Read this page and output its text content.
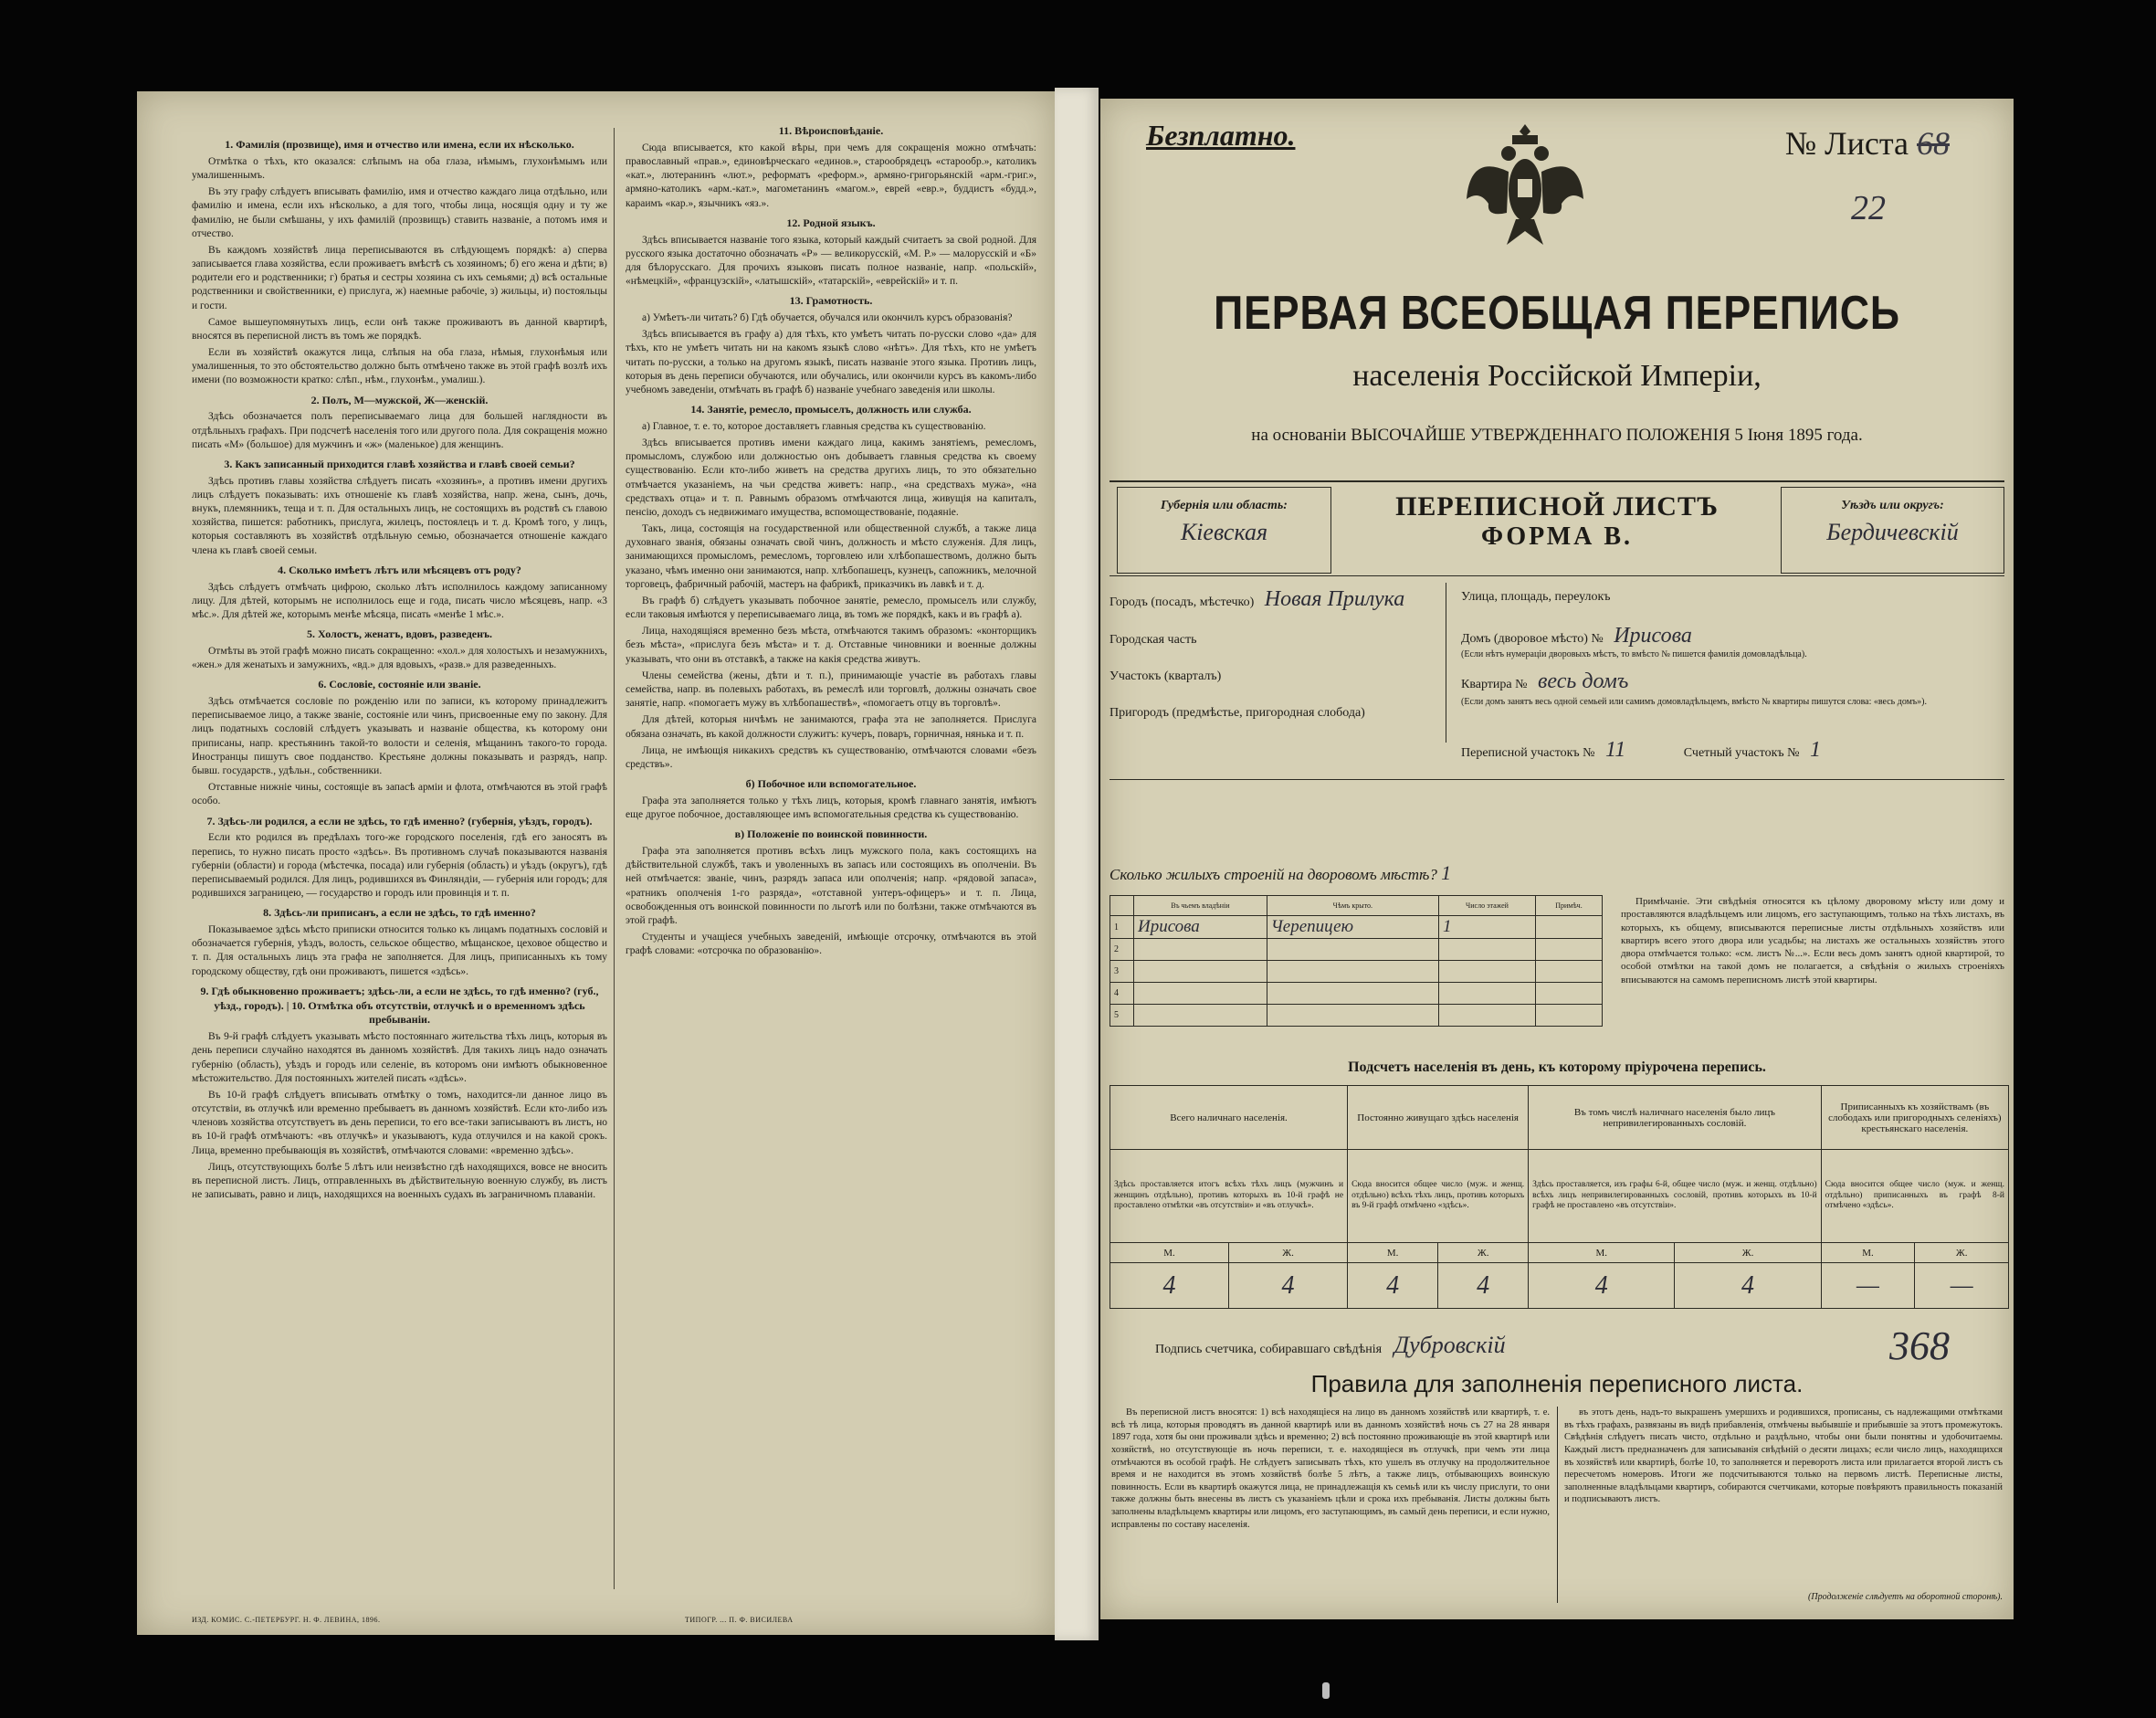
1. Фамилія (прозвище), имя и отчество или имена, если их нѣсколько.
Отмѣтка о тѣхъ, кто оказался: слѣпымъ на оба глаза, нѣмымъ, глухонѣмымъ или умалишеннымъ.
Въ эту графу слѣдуетъ вписывать фамилію, имя и отчество каждаго лица отдѣльно, или фамилію и имена, если ихъ нѣсколько, а для того, чтобы лица, носящія одну и ту же фамилію, не были смѣшаны, у ихъ фамилій (прозвищъ) ставить названіе, а потомъ имя и отчество.
Въ каждомъ хозяйствѣ лица переписываются въ слѣдующемъ порядкѣ: а) сперва записывается глава хозяйства, если проживаетъ вмѣстѣ съ хозяиномъ; б) его жена и дѣти; в) родители его и родственники; г) братья и сестры хозяина съ ихъ семьями; д) всѣ остальные родственники и свойственники, е) прислуга, ж) наемные рабочіе, з) жильцы, и) постояльцы и гости.
Самое вышеупомянутыхъ лицъ, если онѣ также проживаютъ въ данной квартирѣ, вносятся въ переписной листъ въ томъ же порядкѣ.
Если въ хозяйствѣ окажутся лица, слѣпыя на оба глаза, нѣмыя, глухонѣмыя или умалишенныя, то это обстоятельство должно быть отмѣчено также въ этой графѣ возлѣ ихъ имени (по возможности кратко: слѣп., нѣм., глухонѣм., умалиш.).
2. Полъ, М—мужской, Ж—женскій.
Здѣсь обозначается полъ переписываемаго лица для большей наглядности въ отдѣльныхъ графахъ. При подсчетѣ населенія того или другого пола. Для сокращенія можно писать «М» (большое) для мужчинъ и «ж» (маленькое) для женщинъ.
3. Какъ записанный приходится главѣ хозяйства и главѣ своей семьи?
Здѣсь противъ главы хозяйства слѣдуетъ писать «хозяинъ», а противъ имени другихъ лицъ слѣдуетъ показывать: ихъ отношеніе къ главѣ хозяйства, напр. жена, сынъ, дочь, внукъ, племянникъ, теща и т. п. Для остальныхъ лицъ, не состоящихъ въ родствѣ съ главою хозяйства, пишется: работникъ, прислуга, жилецъ, постоялецъ и т. д. Кромѣ того, у лицъ, которыя составляютъ въ хозяйствѣ отдѣльную семью, обозначается отношеніе каждаго члена къ главѣ своей семьи.
4. Сколько имѣетъ лѣтъ или мѣсяцевъ отъ роду?
Здѣсь слѣдуетъ отмѣчать цифрою, сколько лѣтъ исполнилось каждому записанному лицу. Для дѣтей, которымъ не исполнилось еще и года, писать число мѣсяцевъ, напр. «3 мѣс.». Для дѣтей же, которымъ менѣе мѣсяца, писать «менѣе 1 мѣс.».
5. Холостъ, женатъ, вдовъ, разведенъ.
Отмѣты въ этой графѣ можно писать сокращенно: «хол.» для холостыхъ и незамужнихъ, «жен.» для женатыхъ и замужнихъ, «вд.» для вдовыхъ, «разв.» для разведенныхъ.
6. Сословіе, состояніе или званіе.
Здѣсь отмѣчается сословіе по рожденію или по записи, къ которому принадлежитъ переписываемое лицо, а также званіе, состояніе или чинъ, присвоенные ему по закону. Для лицъ податныхъ сословій слѣдуетъ указывать и названіе общества, къ которому они приписаны, напр. крестьянинъ такой-то волости и селенія, мѣщанинъ такого-то города. Иностранцы пишутъ свое подданство. Крестьяне должны показывать и разрядъ, напр. бывш. государств., удѣльн., собственники.
Отставные нижніе чины, состоящіе въ запасѣ арміи и флота, отмѣчаются въ этой графѣ особо.
7. Здѣсь-ли родился, а если не здѣсь, то гдѣ именно? (губернія, уѣздъ, городъ).
Если кто родился въ предѣлахъ того-же городского поселенія, гдѣ его заносятъ въ перепись, то нужно писать просто «здѣсь». Въ противномъ случаѣ показываются названія губерніи (области) и города (мѣстечка, посада) или губернія (область) и уѣздъ (округъ), гдѣ переписываемый родился. Для лицъ, родившихся въ Финляндіи, — губернія или городъ; для родившихся заграницею, — государство и городъ или провинція и т. п.
8. Здѣсь-ли приписанъ, а если не здѣсь, то гдѣ именно?
Показываемое здѣсь мѣсто приписки относится только къ лицамъ податныхъ сословій и обозначается губернія, уѣздъ, волость, сельское общество, мѣщанское, цеховое общество и т. п. Для остальныхъ лицъ эта графа не заполняется. Для лицъ, приписанныхъ къ тому городскому обществу, гдѣ они проживаютъ, пишется «здѣсь».
9. Гдѣ обыкновенно проживаетъ; здѣсь-ли, а если не здѣсь, то гдѣ именно? (губ., уѣзд., городъ). | 10. Отмѣтка объ отсутствіи, отлучкѣ и о временномъ здѣсь пребываніи.
Въ 9-й графѣ слѣдуетъ указывать мѣсто постояннаго жительства тѣхъ лицъ, которыя въ день переписи случайно находятся въ данномъ хозяйствѣ. Для такихъ лицъ надо означать губернію (область), уѣздъ и городъ или селеніе, въ которомъ они имѣютъ обыкновенное мѣстожительство. Для постоянныхъ жителей писать «здѣсь».
Въ 10-й графѣ слѣдуетъ вписывать отмѣтку о томъ, находится-ли данное лицо въ отсутствіи, въ отлучкѣ или временно пребываетъ въ данномъ хозяйствѣ. Если кто-либо изъ членовъ хозяйства отсутствуетъ въ день переписи, то его все-таки записываютъ въ листъ, но въ 10-й графѣ отмѣчаютъ: «въ отлучкѣ» и указываютъ, куда отлучился и на какой срокъ. Лица, временно пребывающія въ хозяйствѣ, отмѣчаются словами: «временно здѣсь».
Лицъ, отсутствующихъ болѣе 5 лѣтъ или неизвѣстно гдѣ находящихся, вовсе не вносить въ переписной листъ. Лицъ, отправленныхъ въ дѣйствительную военную службу, въ листъ не записывать, равно и лицъ, находящихся на военныхъ судахъ въ заграничномъ плаваніи.
11. Вѣроисповѣданіе.
Сюда вписывается, кто какой вѣры, при чемъ для сокращенія можно отмѣчать: православный «прав.», единовѣрческаго «единов.», старообрядецъ «старообр.», католикъ «кат.», лютеранинъ «лют.», реформатъ «реформ.», армяно-григорьянскій «арм.-григ.», армяно-католикъ «арм.-кат.», магометанинъ «магом.», еврей «евр.», буддистъ «будд.», караимъ «кар.», язычникъ «яз.».
12. Родной языкъ.
Здѣсь вписывается названіе того языка, который каждый считаетъ за свой родной. Для русского языка достаточно обозначать «Р» — великорусскій, «М. Р.» — малорусскій и «Б» для бѣлорусскаго. Для прочихъ языковъ писать полное названіе, напр. «польскій», «нѣмецкій», «французскій», «латышскій», «татарскій», «еврейскій» и т. п.
13. Грамотность.
а) Умѣетъ-ли читать? б) Гдѣ обучается, обучался или окончилъ курсъ образованія?
Здѣсь вписывается въ графу а) для тѣхъ, кто умѣетъ читать по-русски слово «да» для тѣхъ, кто не умѣетъ читать ни на какомъ языкѣ слово «нѣтъ». Для тѣхъ, кто не умѣетъ читать по-русски, а только на другомъ языкѣ, писать названіе этого языка. Противъ лицъ, которыя въ день переписи обучаются, или обучались, или окончили курсъ въ какомъ-либо учебномъ заведеніи, отмѣчать въ графѣ б) названіе учебнаго заведенія или школы.
14. Занятіе, ремесло, промыселъ, должность или служба.
а) Главное, т. е. то, которое доставляетъ главныя средства къ существованію.
Здѣсь вписывается противъ имени каждаго лица, какимъ занятіемъ, ремесломъ, промысломъ, службою или должностью онъ добываетъ главныя средства къ своему существованію. Если кто-либо живетъ на средства другихъ лицъ, то это обязательно отмѣчается указаніемъ, на чьи средства живетъ: напр., «на средствахъ мужа», «на средствахъ отца» и т. п. Равнымъ образомъ отмѣчаются лица, живущія на капиталъ, пенсію, доходъ съ недвижимаго имущества, вспомоществованіе, подаяніе.
Такъ, лица, состоящія на государственной или общественной службѣ, а также лица духовнаго званія, обязаны означать свой чинъ, должность и мѣсто служенія. Для лицъ, занимающихся промысломъ, ремесломъ, торговлею или хлѣбопашествомъ, должно быть указано, чѣмъ именно они занимаются, напр. хлѣбопашецъ, кузнецъ, сапожникъ, мелочной торговецъ, фабричный рабочій, мастеръ на фабрикѣ, приказчикъ въ лавкѣ и т. д.
Въ графѣ б) слѣдуетъ указывать побочное занятіе, ремесло, промыселъ или службу, если таковыя имѣются у переписываемаго лица, въ томъ же порядкѣ, какъ и въ графѣ а).
Лица, находящіяся временно безъ мѣста, отмѣчаются такимъ образомъ: «конторщикъ безъ мѣста», «прислуга безъ мѣста» и т. д. Отставные чиновники и военные должны указывать, что они въ отставкѣ, а также на какія средства живутъ.
Члены семейства (жены, дѣти и т. п.), принимающіе участіе въ работахъ главы семейства, напр. въ полевыхъ работахъ, въ ремеслѣ или торговлѣ, должны означать свое занятіе, напр. «помогаетъ мужу въ хлѣбопашествѣ», «помогаетъ отцу въ торговлѣ».
Для дѣтей, которыя ничѣмъ не занимаются, графа эта не заполняется. Прислуга обязана означать, въ какой должности служитъ: кучеръ, поваръ, горничная, нянька и т. п.
Лица, не имѣющія никакихъ средствъ къ существованію, отмѣчаются словами «безъ средствъ».
б) Побочное или вспомогательное.
Графа эта заполняется только у тѣхъ лицъ, которыя, кромѣ главнаго занятія, имѣютъ еще другое побочное, доставляющее имъ вспомогательныя средства къ существованію.
в) Положеніе по воинской повинности.
Графа эта заполняется противъ всѣхъ лицъ мужского пола, какъ состоящихъ на дѣйствительной службѣ, такъ и уволенныхъ въ запасъ или состоящихъ въ ополченіи. Въ ней отмѣчается: званіе, чинъ, разрядъ запаса или ополченія; напр. «рядовой запаса», «ратникъ ополченія 1-го разряда», «отставной унтеръ-офицеръ» и т. п. Лица, освобожденныя отъ воинской повинности по льготѣ или по болѣзни, также отмѣчаются въ этой графѣ.
Студенты и учащіеся учебныхъ заведеній, имѣющіе отсрочку, отмѣчаются въ этой графѣ словами: «отсрочка по образованію».
ИЗД. КОМИС. С.-ПЕТЕРБУРГ. Н. Ф. ЛЕВИНА, 1896.	ТИПОГР. ... П. Ф. ВИСИЛЕВА
Безплатно.	№ Листа 68
22
ПЕРВАЯ ВСЕОБЩАЯ ПЕРЕПИСЬ
населенія Россійской Имперіи,
на основаніи ВЫСОЧАЙШЕ УТВЕРЖДЕННАГО ПОЛОЖЕНІЯ 5 Іюня 1895 года.
Губернія или область:
Кіевская
ПЕРЕПИСНОЙ ЛИСТЪ
ФОРМА В.
Уѣздъ или округъ:
Бердичевскій
Городъ (посадъ, мѣстечко) Новая Прилука
Городская часть
Участокъ (кварталъ)
Пригородъ (предмѣстье, пригородная слобода)
Улица, площадь, переулокъ
Домъ (дворовое мѣсто) № Ирисова
(Если нѣтъ нумераціи дворовыхъ мѣстъ, то вмѣсто № пишется фамилія домовладѣльца).
Квартира № весь домъ
(Если домъ занятъ весь одной семьей или самимъ домовладѣльцемъ, вмѣсто № квартиры пишутся слова: «весь домъ»).
Переписной участокъ № 11	Счетный участокъ № 1
Сколько жилыхъ строеній на дворовомъ мѣстѣ? 1
	Въ чьемъ владѣніи	Чѣмъ крыто.	Число этажей	Примѣч.
1	Ирисова	Черепицею	1	
2				
3				
4				
5				
Примѣчаніе. Эти свѣдѣнія относятся къ цѣлому дворовому мѣсту или дому и проставляются владѣльцемъ или лицомъ, его заступающимъ, только на тѣхъ листахъ, въ которыхъ, къ общему, вписываются переписные листы отдѣльныхъ хозяйствъ или квартиръ всего этого двора или усадьбы; на листахъ же остальныхъ хозяйствъ этого двора отмѣчается только: «см. листъ №...». Если весь домъ занятъ одной квартирой, то особой отмѣтки на такой домъ не полагается, а свѣдѣнія о жилыхъ строеніяхъ вписываются на самомъ переписномъ листѣ этой квартиры.
Подсчетъ населенія въ день, къ которому пріурочена перепись.
Всего наличнаго населенія.		Постоянно живущаго здѣсь населенія		Въ томъ числѣ наличнаго населенія было лицъ непривилегированныхъ сословій.		Приписанныхъ къ хозяйствамъ (въ слободахъ или пригородныхъ селеніяхъ) крестьянскаго населенія.	
Здѣсь проставляется итогъ всѣхъ тѣхъ лицъ (мужчинъ и женщинъ отдѣльно), противъ которыхъ въ 10-й графѣ не проставлено отмѣтки «въ отсутствіи» и «въ отлучкѣ».		Сюда вносится общее число (муж. и женщ. отдѣльно) всѣхъ тѣхъ лицъ, противъ которыхъ въ 9-й графѣ отмѣчено «здѣсь».		Здѣсь проставляется, изъ графы 6-й, общее число (муж. и женщ. отдѣльно) всѣхъ лицъ непривилегированныхъ сословій, противъ которыхъ въ 10-й графѣ не проставлено «въ отсутствіи».		Сюда вносится общее число (муж. и женщ. отдѣльно) приписанныхъ въ графѣ 8-й отмѣчено «здѣсь».	
М.	Ж.	М.	Ж.	М.	Ж.	М.	Ж.
4	4	4	4	4	4	—	—
Подпись счетчика, собиравшаго свѣдѣнія Дубровскій	368
Правила для заполненія переписного листа.
Въ переписной листъ вносятся: 1) всѣ находящіеся на лицо въ данномъ хозяйствѣ или квартирѣ, т. е. всѣ тѣ лица, которыя проводятъ въ данной квартирѣ или въ данномъ хозяйствѣ ночь съ 27 на 28 января 1897 года, хотя бы они проживали здѣсь и временно; 2) всѣ постоянно проживающіе въ этой квартирѣ или хозяйствѣ, но отсутствующіе въ ночь переписи, т. е. находящіеся въ отлучкѣ, при чемъ эти лица отмѣчаются въ особой графѣ. Не слѣдуетъ записывать тѣхъ, кто ушелъ въ отлучку на продолжительное время и не находится въ этомъ хозяйствѣ болѣе 5 лѣтъ, а также лицъ, отбывающихъ воинскую повинность. Если въ квартирѣ окажутся лица, не принадлежащія къ семьѣ или къ числу прислуги, то они также должны быть внесены въ листъ съ указаніемъ цѣли и срока ихъ пребыванія. Листы должны быть заполнены владѣльцемъ квартиры или лицомъ, его заступающимъ, въ самый день переписи, и если нужно, исправлены по составу населенія.
въ этотъ день, надъ-то выкрашенъ умершихъ и родившихся, прописаны, съ надлежащими отмѣтками въ тѣхъ графахъ, развязаны въ видѣ прибавленія, отмѣчены выбывшіе и прибывшіе за этотъ промежутокъ. Свѣдѣнія слѣдуетъ писать чисто, отдѣльно и раздѣльно, чтобы они были понятны и удобочитаемы. Каждый листъ предназначенъ для записыванія свѣдѣній о десяти лицахъ; если число лицъ, находящихся въ хозяйствѣ или квартирѣ, болѣе 10, то заполняется и переворотъ листа или прилагается второй листъ съ пересчетомъ номеровъ. Итоги же подсчитываются только на первомъ листѣ. Переписные листы, заполненные владѣльцами квартиръ, собираются счетчиками, которые повѣряютъ правильность показаній и подписываютъ листъ.
(Продолженіе слѣдуетъ на оборотной сторонѣ).
